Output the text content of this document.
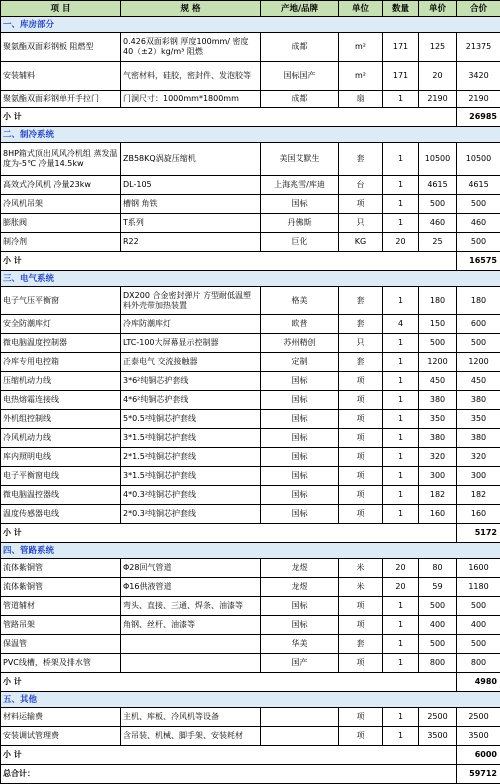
项 目	规 格	产地/品牌	单位	数量	单价	合价
一、库房部分						
聚氨酯双面彩钢板 阻燃型	0.426双面彩钢 厚度100mm/ 密度40（±2）kg/m³ 阻燃	成都	m²	171	125	21375
安装辅料	气密材料，硅胶，密封件、发泡胶等	国标国产	m²	171	20	3420
聚氨酯双面彩钢单开手拉门	门洞尺寸：1000mm*1800mm	成都	扇	1	2190	2190
小 计						26985
二、制冷系统						
8HP箱式顶出风风冷机组 蒸发温度为-5℃ 冷量14.5kw	ZB58KQ涡旋压缩机	美国艾默生	套	1	10500	10500
高效式冷风机 冷量23kw	DL-105	上海兆雪/库迪	台	1	4615	4615
冷风机吊架	槽钢 角铁	国标	项	1	500	500
膨胀阀	T系列	丹佛斯	只	1	460	460
制冷剂	R22	巨化	KG	20	25	500
小 计						16575
三、电气系统						
电子气压平衡窗	DX200 合金密封弹片 方型耐低温塑料外壳带加热装置	格美	套	1	180	180
安全防潮库灯	冷库防潮库灯	欧普	套	4	150	600
微电脑温度控制器	LTC-100大屏幕显示控制器	苏州精创	只	1	500	500
冷库专用电控箱	正泰电气 交流接触器	定制	套	1	1200	1200
压缩机动力线	3*6²纯铜芯护套线	国标	项	1	450	450
电热熔霜连接线	4*6²纯铜芯护套线	国标	项	1	380	380
外机组控制线	5*0.5²纯铜芯护套线	国标	项	1	350	350
冷风机动力线	3*1.5²纯铜芯护套线	国标	项	1	380	380
库内照明电线	2*1.5²纯铜芯护套线	国标	项	1	320	320
电子平衡窗电线	3*1.5²纯铜芯护套线	国标	项	1	300	300
微电脑温控器线	4*0.3²纯铜芯护套线	国标	项	1	182	182
温度传感器电线	2*0.3²纯铜芯护套线	国标	项	1	160	160
小 计						5172
四、管路系统						
流体紫铜管	Φ28回气管道	龙煜	米	20	80	1600
流体紫铜管	Φ16供液管道	龙煜	米	20	59	1180
管道辅材	弯头、直接、三通、焊条、油漆等	国标	项	1	500	500
管路吊架	角钢、丝杆、油漆等	国标	项	1	400	400
保温管		华美	套	1	500	500
PVC线槽，桥架及排水管		国产	项	1	800	800
小 计						4980
五、其他						
材料运输费	主机、库板、冷风机等设备		项	1	2500	2500
安装调试管理费	含吊装、机械、脚手架、安装耗材		项	1	3500	3500
小 计						6000
总合计：						59712
